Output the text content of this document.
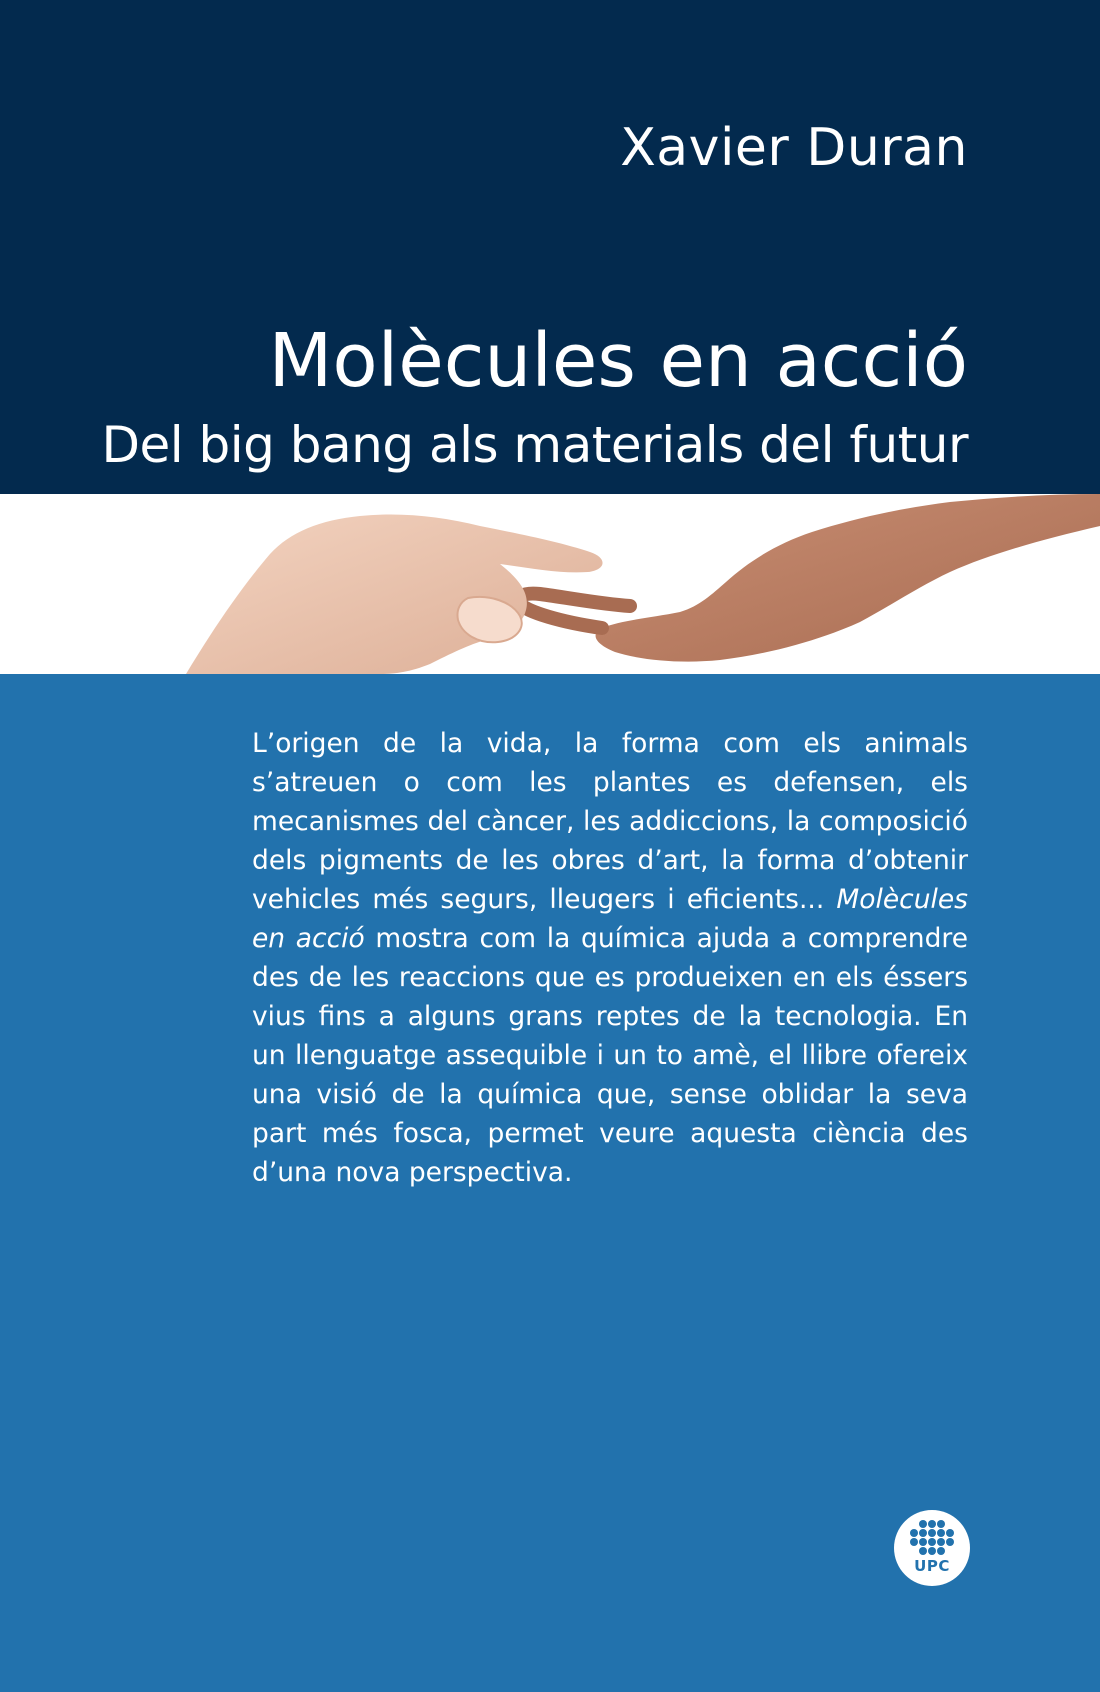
Xavier Duran
Molècules en acció
Del big bang als materials del futur

L’origen de la vida, la forma com els animals s’atreuen o com les plantes es defensen, els mecanismes del càncer, les addiccions, la composició dels pigments de les obres d’art, la forma d’obtenir vehicles més segurs, lleugers i eficients... Molècules en acció mostra com la química ajuda a comprendre des de les reaccions que es produeixen en els éssers vius fins a alguns grans reptes de la tecnologia. En un llenguatge assequible i un to amè, el llibre ofereix una visió de la química que, sense oblidar la seva part més fosca, permet veure aquesta ciència des d’una nova perspectiva.

UPC
